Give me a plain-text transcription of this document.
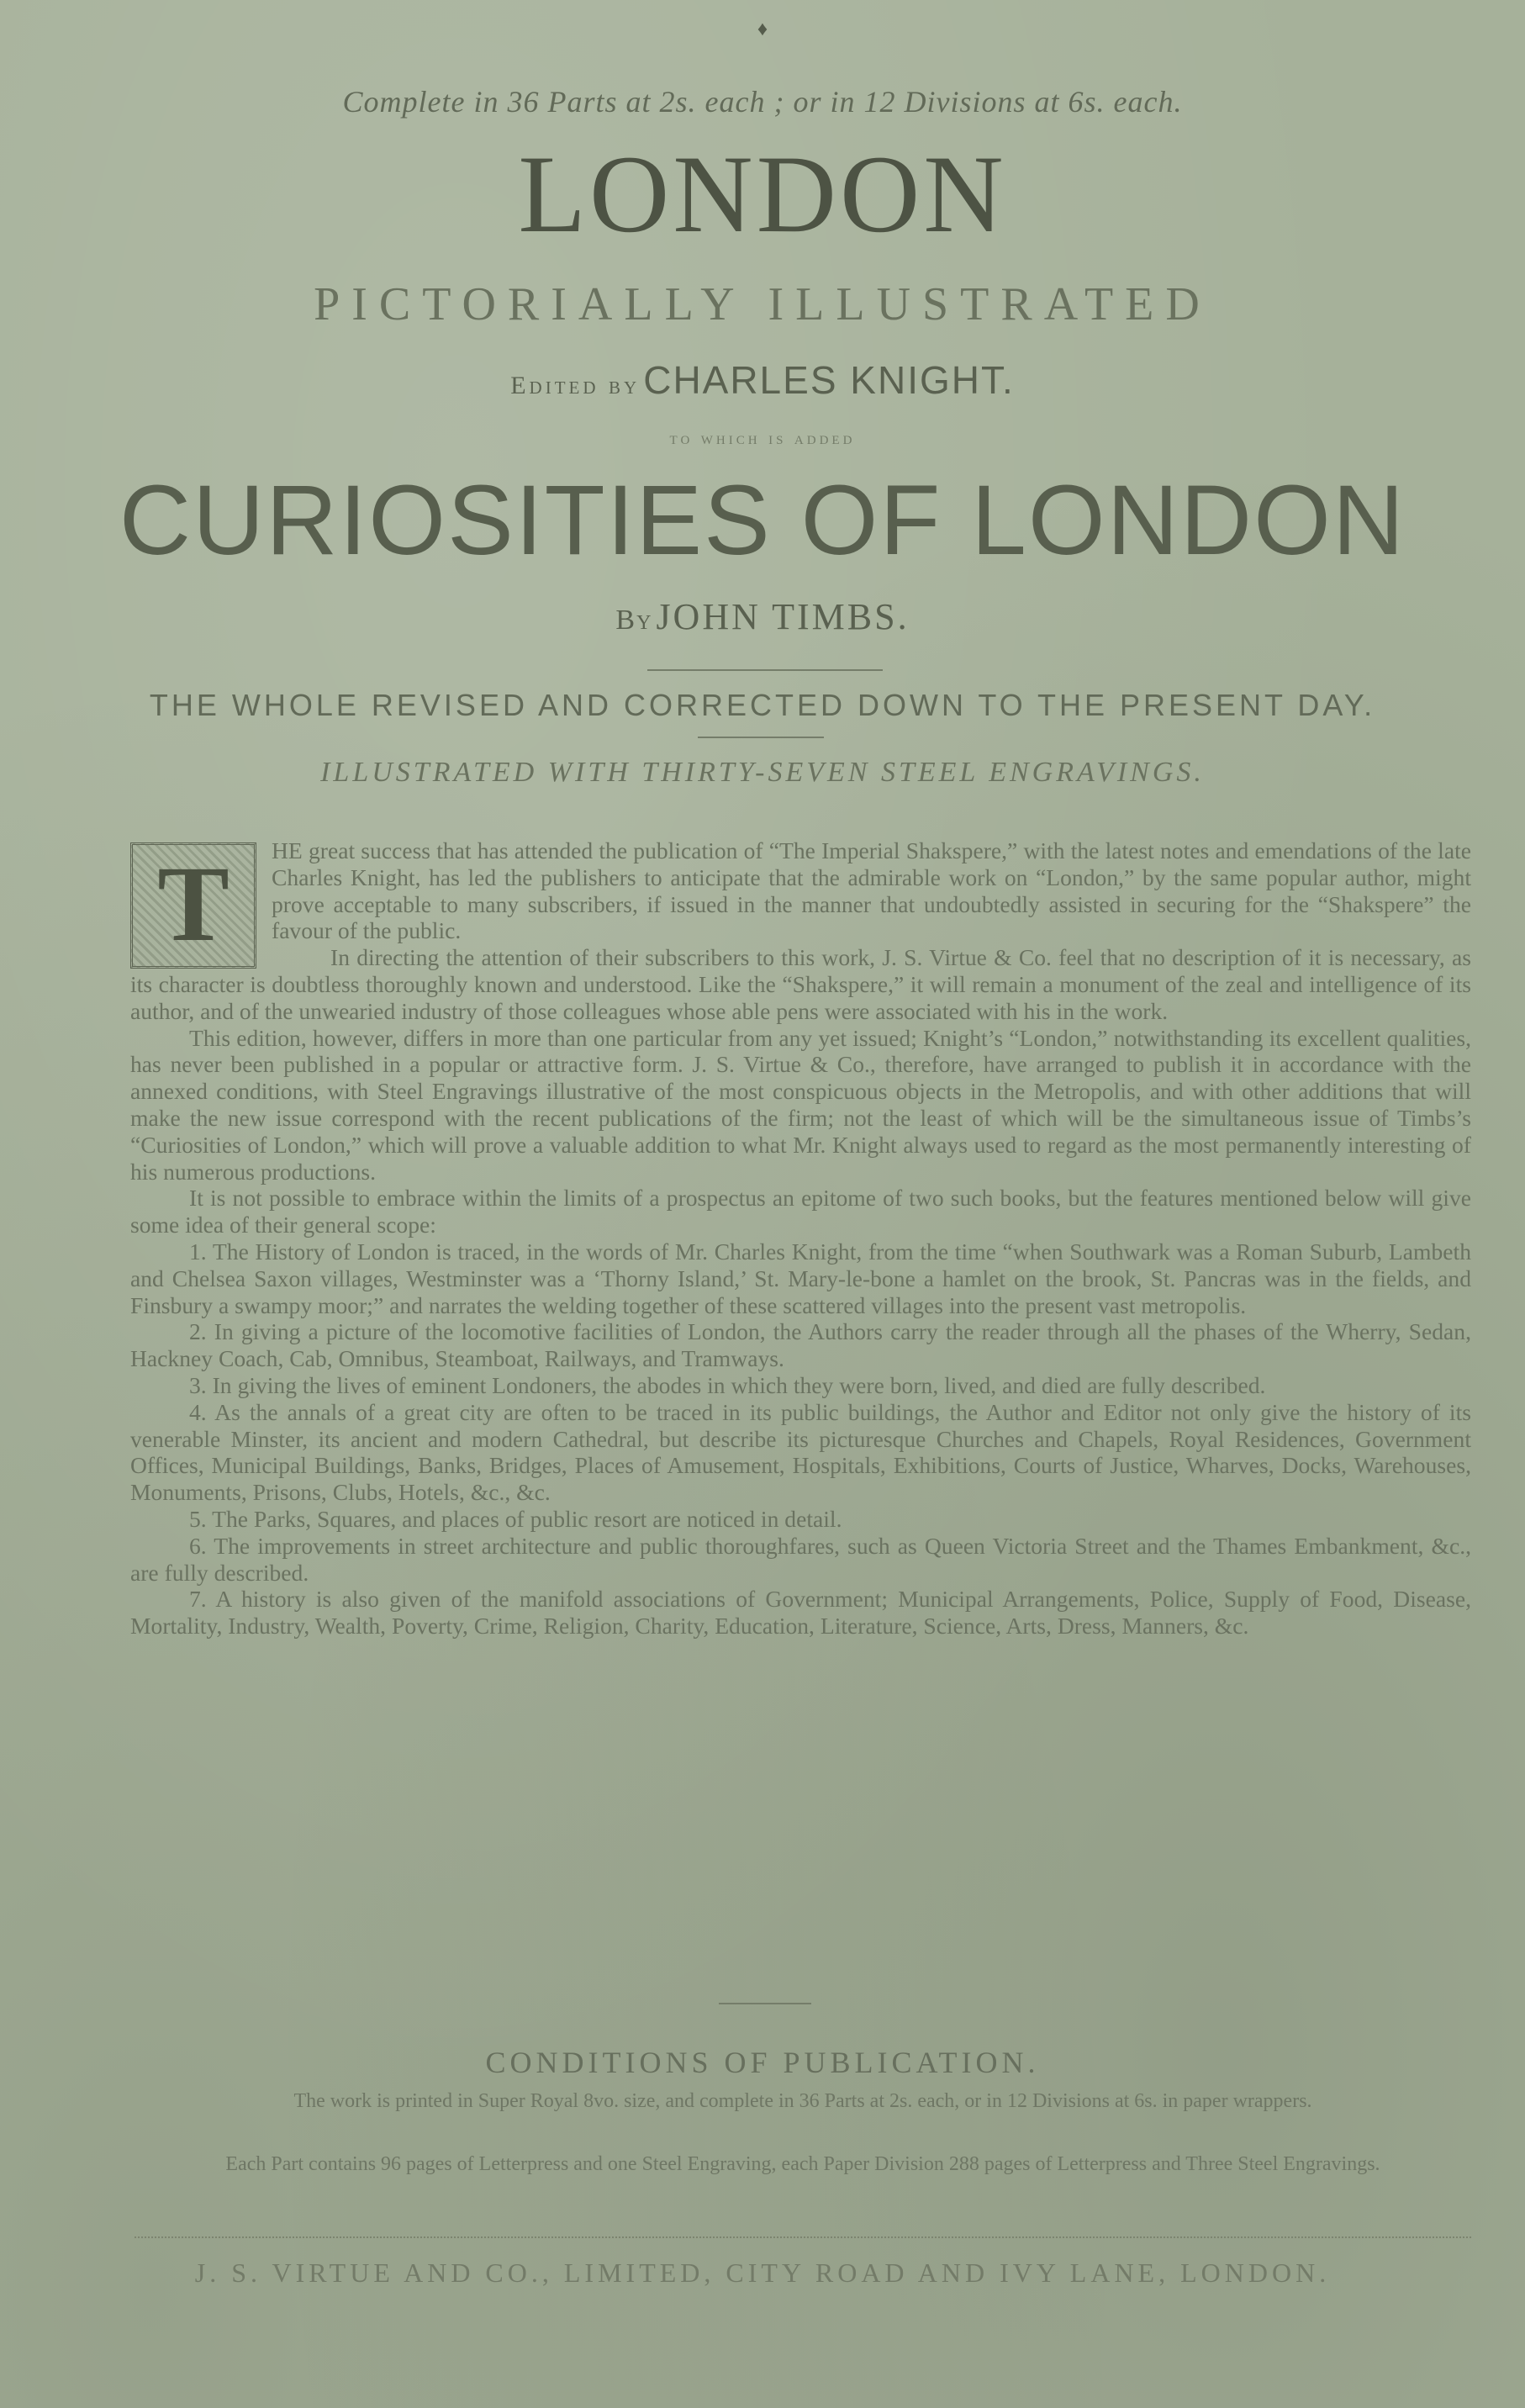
♦
Complete in 36 Parts at 2s. each ; or in 12 Divisions at 6s. each.
LONDON
PICTORIALLY ILLUSTRATED
Edited by CHARLES KNIGHT.
to which is added
CURIOSITIES OF LONDON
By JOHN TIMBS.
THE WHOLE REVISED AND CORRECTED DOWN TO THE PRESENT DAY.
ILLUSTRATED WITH THIRTY-SEVEN STEEL ENGRAVINGS.

T	HE great success that has attended the publication of “The Imperial Shakspere,” with the latest notes and emendations of the late Charles Knight, has led the publishers to anticipate that the admirable work on “London,” by the same popular author, might prove acceptable to many subscribers, if issued in the manner that undoubtedly assisted in securing for the “Shakspere” the favour of the public.

In directing the attention of their subscribers to this work, J. S. Virtue & Co. feel that no description of it is necessary, as its character is doubtless thoroughly known and understood. Like the “Shakspere,” it will remain a monument of the zeal and intelligence of its author, and of the unwearied industry of those colleagues whose able pens were associated with his in the work.

This edition, however, differs in more than one particular from any yet issued; Knight’s “London,” notwithstanding its excellent qualities, has never been published in a popular or attractive form. J. S. Virtue & Co., therefore, have arranged to publish it in accordance with the annexed conditions, with Steel Engravings illustrative of the most conspicuous objects in the Metropolis, and with other additions that will make the new issue correspond with the recent publications of the firm; not the least of which will be the simultaneous issue of Timbs’s “Curiosities of London,” which will prove a valuable addition to what Mr. Knight always used to regard as the most permanently interesting of his numerous productions.

It is not possible to embrace within the limits of a prospectus an epitome of two such books, but the features mentioned below will give some idea of their general scope:

1. The History of London is traced, in the words of Mr. Charles Knight, from the time “when Southwark was a Roman Suburb, Lambeth and Chelsea Saxon villages, Westminster was a ‘Thorny Island,’ St. Mary-le-bone a hamlet on the brook, St. Pancras was in the fields, and Finsbury a swampy moor;” and narrates the welding together of these scattered villages into the present vast metropolis.

2. In giving a picture of the locomotive facilities of London, the Authors carry the reader through all the phases of the Wherry, Sedan, Hackney Coach, Cab, Omnibus, Steamboat, Railways, and Tramways.

3. In giving the lives of eminent Londoners, the abodes in which they were born, lived, and died are fully described.

4. As the annals of a great city are often to be traced in its public buildings, the Author and Editor not only give the history of its venerable Minster, its ancient and modern Cathedral, but describe its picturesque Churches and Chapels, Royal Residences, Government Offices, Municipal Buildings, Banks, Bridges, Places of Amusement, Hospitals, Exhibitions, Courts of Justice, Wharves, Docks, Warehouses, Monuments, Prisons, Clubs, Hotels, &c., &c.

5. The Parks, Squares, and places of public resort are noticed in detail.

6. The improvements in street architecture and public thoroughfares, such as Queen Victoria Street and the Thames Embankment, &c., are fully described.

7. A history is also given of the manifold associations of Government; Municipal Arrangements, Police, Supply of Food, Disease, Mortality, Industry, Wealth, Poverty, Crime, Religion, Charity, Education, Literature, Science, Arts, Dress, Manners, &c.

CONDITIONS OF PUBLICATION.
The work is printed in Super Royal 8vo. size, and complete in 36 Parts at 2s. each, or in 12 Divisions at 6s. in paper wrappers.
Each Part contains 96 pages of Letterpress and one Steel Engraving, each Paper Division 288 pages of Letterpress and Three Steel Engravings.
J. S. VIRTUE AND CO., LIMITED, CITY ROAD AND IVY LANE, LONDON.
